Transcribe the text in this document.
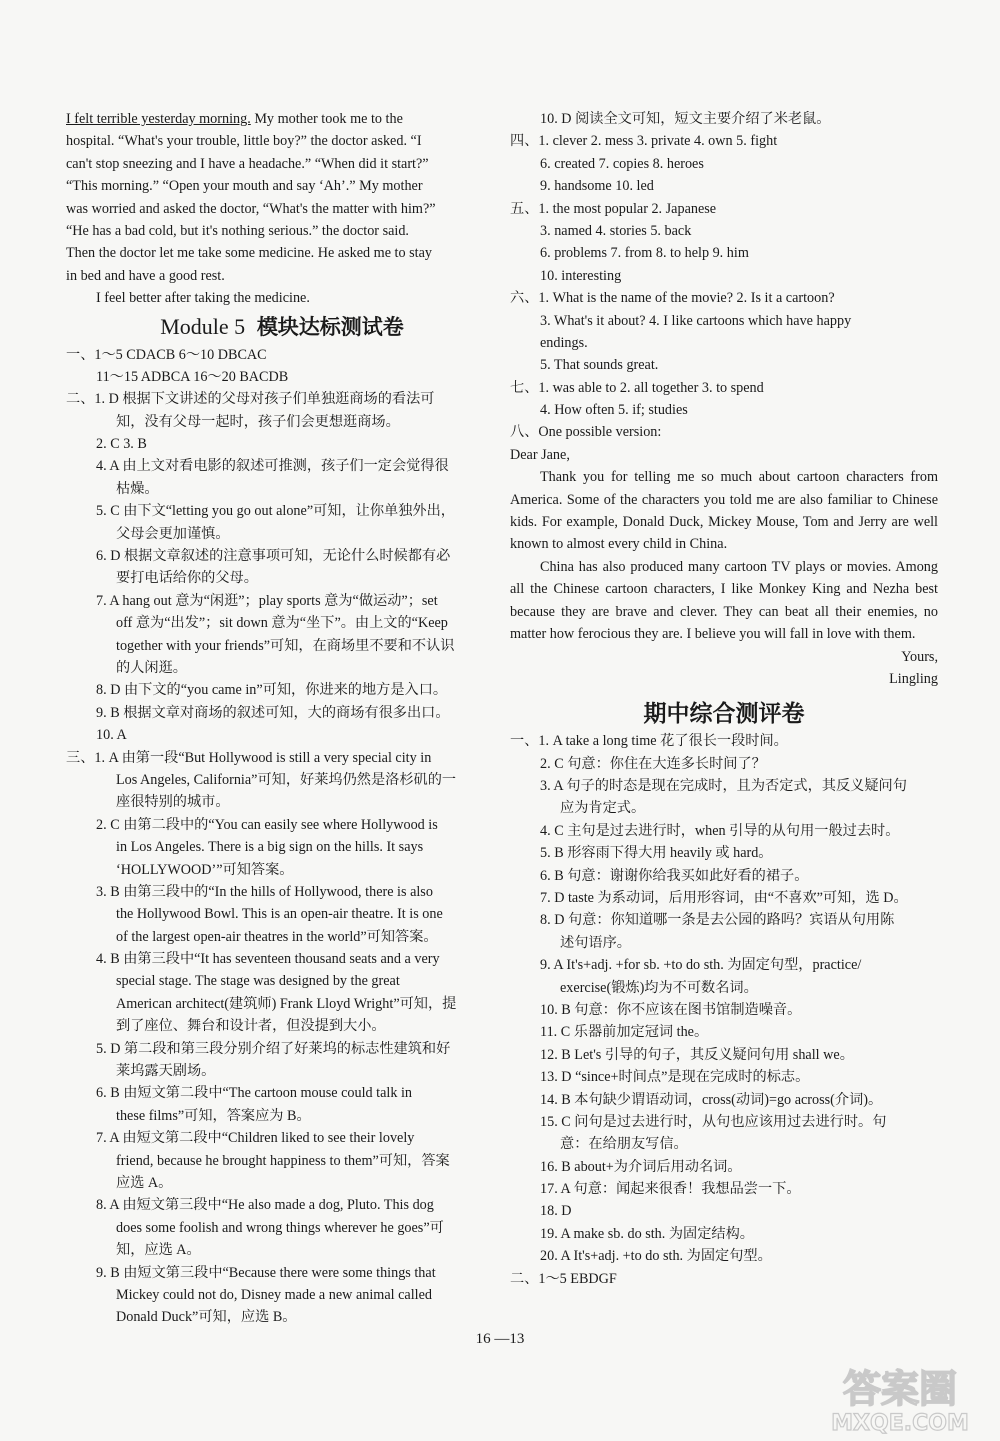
I felt terrible yesterday morning. My mother took me to the
hospital. “What's your trouble, little boy?” the doctor asked. “I
can't stop sneezing and I have a headache.” “When did it start?”
“This morning.” “Open your mouth and say ‘Ah’.” My mother
was worried and asked the doctor, “What's the matter with him?”
“He has a bad cold, but it's nothing serious.” the doctor said.
Then the doctor let me take some medicine. He asked me to stay
in bed and have a good rest.
I feel better after taking the medicine.
Module 5 模块达标测试卷
一、1～5 CDACB 6～10 DBCAC
11～15 ADBCA 16～20 BACDB
二、1. D 根据下文讲述的父母对孩子们单独逛商场的看法可
知，没有父母一起时，孩子们会更想逛商场。
2. C 3. B
4. A 由上文对看电影的叙述可推测，孩子们一定会觉得很
枯燥。
5. C 由下文“letting you go out alone”可知，让你单独外出，
父母会更加谨慎。
6. D 根据文章叙述的注意事项可知，无论什么时候都有必
要打电话给你的父母。
7. A hang out 意为“闲逛”；play sports 意为“做运动”；set
off 意为“出发”；sit down 意为“坐下”。由上文的“Keep
together with your friends”可知，在商场里不要和不认识
的人闲逛。
8. D 由下文的“you came in”可知，你进来的地方是入口。
9. B 根据文章对商场的叙述可知，大的商场有很多出口。
10. A
三、1. A 由第一段“But Hollywood is still a very special city in
Los Angeles, California”可知，好莱坞仍然是洛杉矶的一
座很特别的城市。
2. C 由第二段中的“You can easily see where Hollywood is
in Los Angeles. There is a big sign on the hills. It says
‘HOLLYWOOD’”可知答案。
3. B 由第三段中的“In the hills of Hollywood, there is also
the Hollywood Bowl. This is an open-air theatre. It is one
of the largest open-air theatres in the world”可知答案。
4. B 由第三段中“It has seventeen thousand seats and a very
special stage. The stage was designed by the great
American architect(建筑师) Frank Lloyd Wright”可知，提
到了座位、舞台和设计者，但没提到大小。
5. D 第二段和第三段分别介绍了好莱坞的标志性建筑和好
莱坞露天剧场。
6. B 由短文第二段中“The cartoon mouse could talk in
these films”可知，答案应为 B。
7. A 由短文第二段中“Children liked to see their lovely
friend, because he brought happiness to them”可知，答案
应选 A。
8. A 由短文第三段中“He also made a dog, Pluto. This dog
does some foolish and wrong things wherever he goes”可
知，应选 A。
9. B 由短文第三段中“Because there were some things that
Mickey could not do, Disney made a new animal called
Donald Duck”可知，应选 B。
10. D 阅读全文可知，短文主要介绍了米老鼠。
四、1. clever 2. mess 3. private 4. own 5. fight
6. created 7. copies 8. heroes
9. handsome 10. led
五、1. the most popular 2. Japanese
3. named 4. stories 5. back
6. problems 7. from 8. to help 9. him
10. interesting
六、1. What is the name of the movie? 2. Is it a cartoon?
3. What's it about? 4. I like cartoons which have happy
endings.
5. That sounds great.
七、1. was able to 2. all together 3. to spend
4. How often 5. if; studies
八、One possible version:
Dear Jane,
Thank you for telling me so much about cartoon characters from America. Some of the characters you told me are also familiar to Chinese kids. For example, Donald Duck, Mickey Mouse, Tom and Jerry are well known to almost every child in China.
China has also produced many cartoon TV plays or movies. Among all the Chinese cartoon characters, I like Monkey King and Nezha best because they are brave and clever. They can beat all their enemies, no matter how ferocious they are. I believe you will fall in love with them.
Yours,
Lingling
期中综合测评卷
一、1. A take a long time 花了很长一段时间。
2. C 句意：你住在大连多长时间了？
3. A 句子的时态是现在完成时，且为否定式，其反义疑问句
应为肯定式。
4. C 主句是过去进行时，when 引导的从句用一般过去时。
5. B 形容雨下得大用 heavily 或 hard。
6. B 句意：谢谢你给我买如此好看的裙子。
7. D taste 为系动词，后用形容词，由“不喜欢”可知，选 D。
8. D 句意：你知道哪一条是去公园的路吗？宾语从句用陈
述句语序。
9. A It's+adj. +for sb. +to do sth. 为固定句型，practice/
exercise(锻炼)均为不可数名词。
10. B 句意：你不应该在图书馆制造噪音。
11. C 乐器前加定冠词 the。
12. B Let's 引导的句子，其反义疑问句用 shall we。
13. D “since+时间点”是现在完成时的标志。
14. B 本句缺少谓语动词，cross(动词)=go across(介词)。
15. C 问句是过去进行时，从句也应该用过去进行时。句
意：在给朋友写信。
16. B about+为介词后用动名词。
17. A 句意：闻起来很香！我想品尝一下。
18. D
19. A make sb. do sth. 为固定结构。
20. A It's+adj. +to do sth. 为固定句型。
二、1～5 EBDGF
16 —13
答案圈
MXQE.COM
